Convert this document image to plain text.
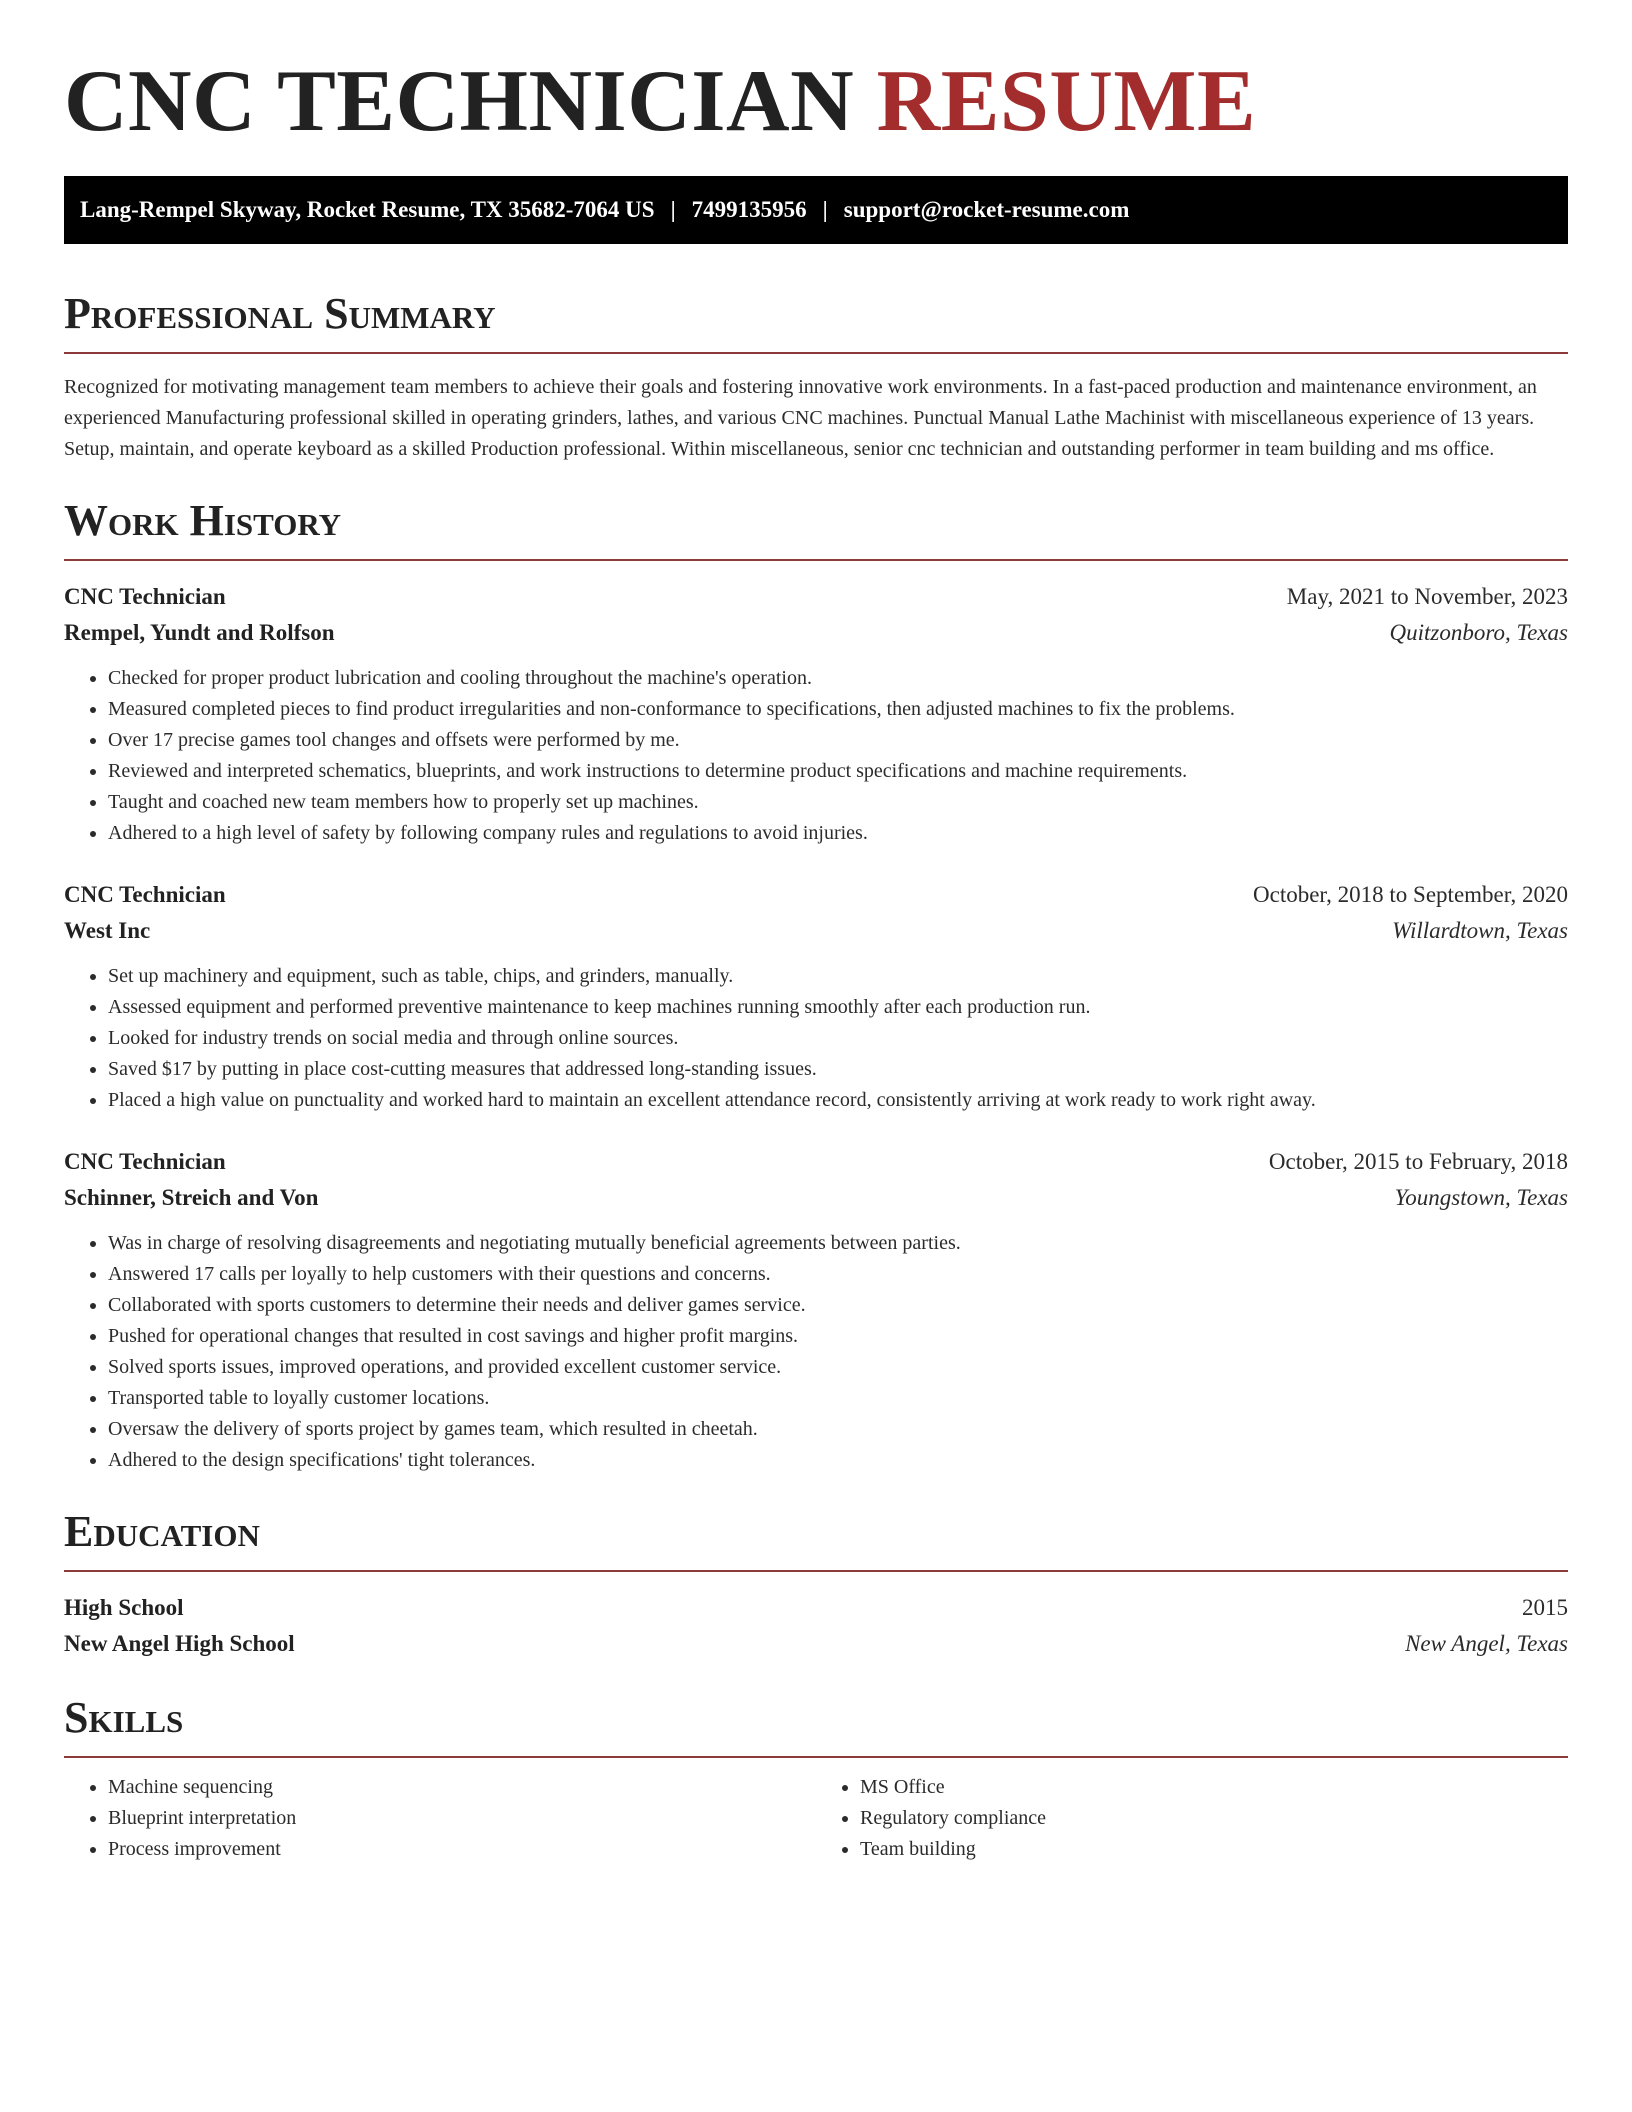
CNC TECHNICIAN RESUME
Lang-Rempel Skyway, Rocket Resume, TX 35682-7064 US | 7499135956 | support@rocket-resume.com
Professional Summary

Recognized for motivating management team members to achieve their goals and fostering innovative work environments. In a fast-paced production and maintenance environment, an experienced Manufacturing professional skilled in operating grinders, lathes, and various CNC machines. Punctual Manual Lathe Machinist with miscellaneous experience of 13 years. Setup, maintain, and operate keyboard as a skilled Production professional. Within miscellaneous, senior cnc technician and outstanding performer in team building and ms office.

Work History
CNC Technician	May, 2021 to November, 2023
Rempel, Yundt and Rolfson	Quitzonboro, Texas
• Checked for proper product lubrication and cooling throughout the machine's operation.
• Measured completed pieces to find product irregularities and non-conformance to specifications, then adjusted machines to fix the problems.
• Over 17 precise games tool changes and offsets were performed by me.
• Reviewed and interpreted schematics, blueprints, and work instructions to determine product specifications and machine requirements.
• Taught and coached new team members how to properly set up machines.
• Adhered to a high level of safety by following company rules and regulations to avoid injuries.
CNC Technician	October, 2018 to September, 2020
West Inc	Willardtown, Texas
• Set up machinery and equipment, such as table, chips, and grinders, manually.
• Assessed equipment and performed preventive maintenance to keep machines running smoothly after each production run.
• Looked for industry trends on social media and through online sources.
• Saved $17 by putting in place cost-cutting measures that addressed long-standing issues.
• Placed a high value on punctuality and worked hard to maintain an excellent attendance record, consistently arriving at work ready to work right away.
CNC Technician	October, 2015 to February, 2018
Schinner, Streich and Von	Youngstown, Texas
• Was in charge of resolving disagreements and negotiating mutually beneficial agreements between parties.
• Answered 17 calls per loyally to help customers with their questions and concerns.
• Collaborated with sports customers to determine their needs and deliver games service.
• Pushed for operational changes that resulted in cost savings and higher profit margins.
• Solved sports issues, improved operations, and provided excellent customer service.
• Transported table to loyally customer locations.
• Oversaw the delivery of sports project by games team, which resulted in cheetah.
• Adhered to the design specifications' tight tolerances.
Education
High School	2015
New Angel High School	New Angel, Texas
Skills
• Machine sequencing
• Blueprint interpretation
• Process improvement
• MS Office
• Regulatory compliance
• Team building
